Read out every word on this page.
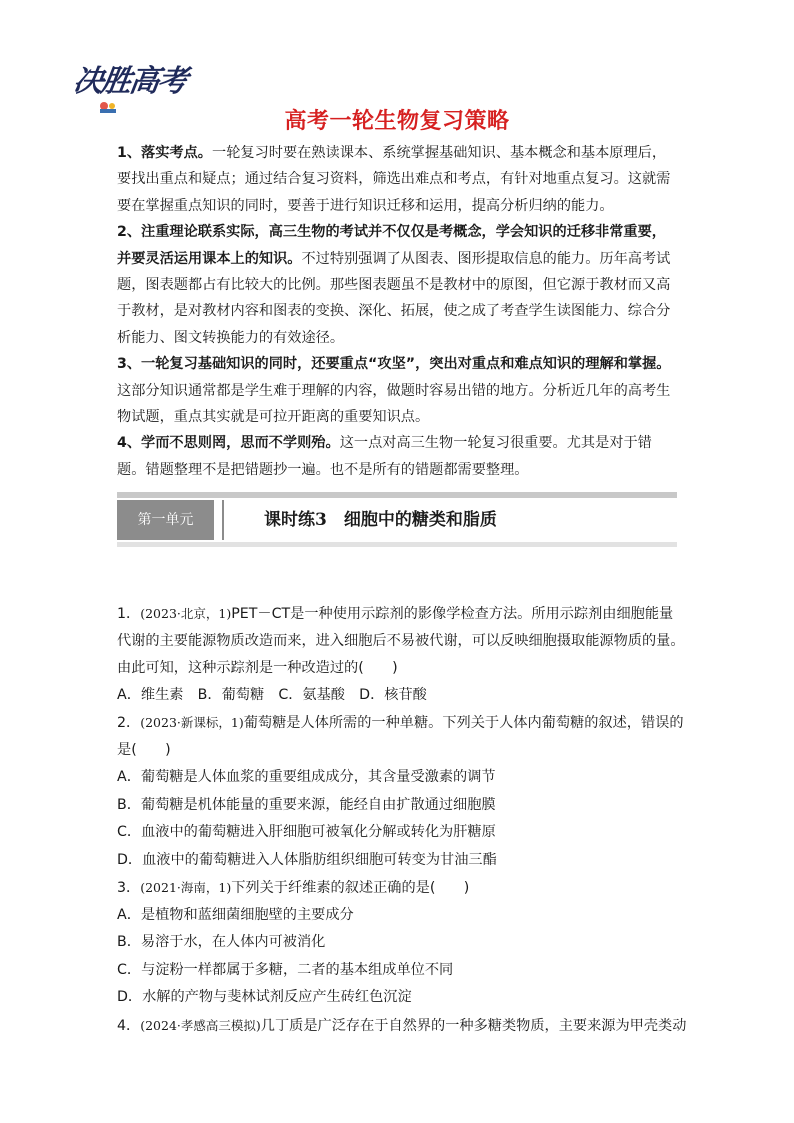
决胜高考
高考一轮生物复习策略

1、落实考点。一轮复习时要在熟读课本、系统掌握基础知识、基本概念和基本原理后，要找出重点和疑点；通过结合复习资料，筛选出难点和考点，有针对地重点复习。这就需要在掌握重点知识的同时，要善于进行知识迁移和运用，提高分析归纳的能力。

2、注重理论联系实际，高三生物的考试并不仅仅是考概念，学会知识的迁移非常重要，并要灵活运用课本上的知识。不过特别强调了从图表、图形提取信息的能力。历年高考试题，图表题都占有比较大的比例。那些图表题虽不是教材中的原图，但它源于教材而又高于教材，是对教材内容和图表的变换、深化、拓展，使之成了考查学生读图能力、综合分析能力、图文转换能力的有效途径。

3、一轮复习基础知识的同时，还要重点“攻坚”，突出对重点和难点知识的理解和掌握。这部分知识通常都是学生难于理解的内容，做题时容易出错的地方。分析近几年的高考生物试题，重点其实就是可拉开距离的重要知识点。

4、学而不思则罔，思而不学则殆。这一点对高三生物一轮复习很重要。尤其是对于错题。错题整理不是把错题抄一遍。也不是所有的错题都需要整理。

第一单元	课时练3　细胞中的糖类和脂质

1．(2023·北京，1)PET－CT是一种使用示踪剂的影像学检查方法。所用示踪剂由细胞能量代谢的主要能源物质改造而来，进入细胞后不易被代谢，可以反映细胞摄取能源物质的量。由此可知，这种示踪剂是一种改造过的(　　)

A．维生素　B．葡萄糖　C．氨基酸　D．核苷酸

2．(2023·新课标，1)葡萄糖是人体所需的一种单糖。下列关于人体内葡萄糖的叙述，错误的是(　　)

A．葡萄糖是人体血浆的重要组成成分，其含量受激素的调节

B．葡萄糖是机体能量的重要来源，能经自由扩散通过细胞膜

C．血液中的葡萄糖进入肝细胞可被氧化分解或转化为肝糖原

D．血液中的葡萄糖进入人体脂肪组织细胞可转变为甘油三酯

3．(2021·海南，1)下列关于纤维素的叙述正确的是(　　)

A．是植物和蓝细菌细胞壁的主要成分

B．易溶于水，在人体内可被消化

C．与淀粉一样都属于多糖，二者的基本组成单位不同

D．水解的产物与斐林试剂反应产生砖红色沉淀

4．(2024·孝感高三模拟)几丁质是广泛存在于自然界的一种多糖类物质，主要来源为甲壳类动
